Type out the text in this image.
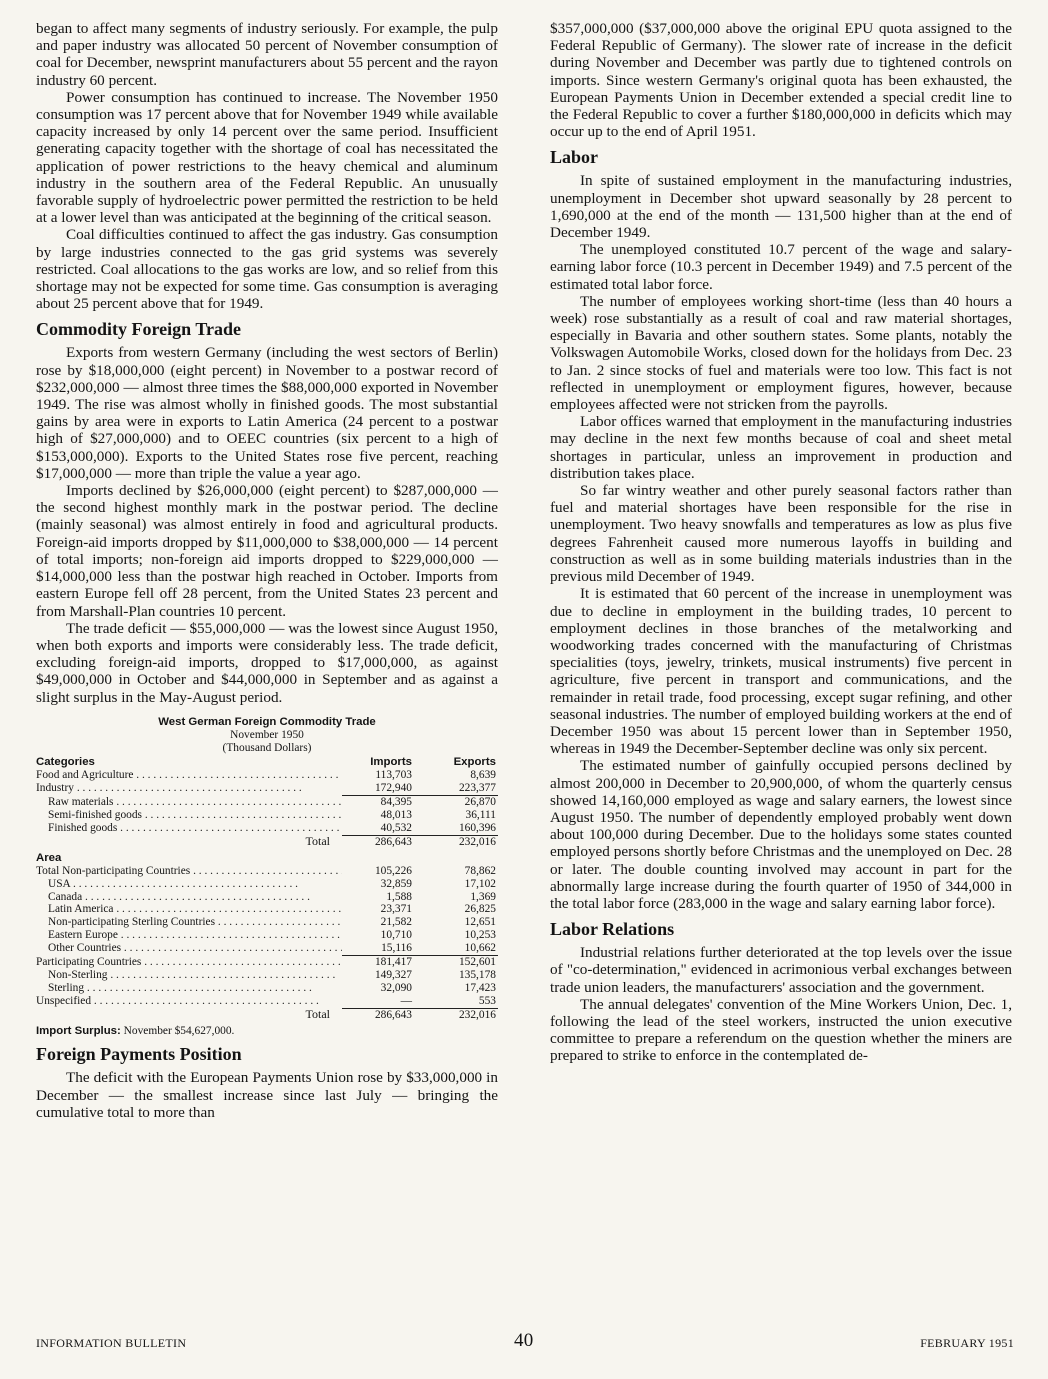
began to affect many segments of industry seriously. For example, the pulp and paper industry was allocated 50 percent of November consumption of coal for December, newsprint manufacturers about 55 percent and the rayon industry 60 percent.

Power consumption has continued to increase. The November 1950 consumption was 17 percent above that for November 1949 while available capacity increased by only 14 percent over the same period. Insufficient generating capacity together with the shortage of coal has necessitated the application of power restrictions to the heavy chemical and aluminum industry in the southern area of the Federal Republic. An unusually favorable supply of hydroelectric power permitted the restriction to be held at a lower level than was anticipated at the beginning of the critical season.

Coal difficulties continued to affect the gas industry. Gas consumption by large industries connected to the gas grid systems was severely restricted. Coal allocations to the gas works are low, and so relief from this shortage may not be expected for some time. Gas consumption is averaging about 25 percent above that for 1949.

Commodity Foreign Trade

Exports from western Germany (including the west sectors of Berlin) rose by $18,000,000 (eight percent) in November to a postwar record of $232,000,000 — almost three times the $88,000,000 exported in November 1949. The rise was almost wholly in finished goods. The most substantial gains by area were in exports to Latin America (24 percent to a postwar high of $27,000,000) and to OEEC countries (six percent to a high of $153,000,000). Exports to the United States rose five percent, reaching $17,000,000 — more than triple the value a year ago.

Imports declined by $26,000,000 (eight percent) to $287,000,000 — the second highest monthly mark in the postwar period. The decline (mainly seasonal) was almost entirely in food and agricultural products. Foreign-aid imports dropped by $11,000,000 to $38,000,000 — 14 percent of total imports; non-foreign aid imports dropped to $229,000,000 — $14,000,000 less than the postwar high reached in October. Imports from eastern Europe fell off 28 percent, from the United States 23 percent and from Marshall-Plan countries 10 percent.

The trade deficit — $55,000,000 — was the lowest since August 1950, when both exports and imports were considerably less. The trade deficit, excluding foreign-aid imports, dropped to $17,000,000, as against $49,000,000 in October and $44,000,000 in September and as against a slight surplus in the May-August period.

West German Foreign Commodity Trade
November 1950
(Thousand Dollars)
Categories	Imports	Exports
Food and Agriculture . . .	113,703	8,639
Industry . . .	172,940	223,377
Raw materials . . .	84,395	26,870
Semi-finished goods . . .	48,013	36,111
Finished goods . . .	40,532	160,396
Total	286,643	232,016
Area
Total Non-participating Countries . . .	105,226	78,862
USA . . .	32,859	17,102
Canada . . .	1,588	1,369
Latin America . . .	23,371	26,825
Non-participating Sterling Countries . . .	21,582	12,651
Eastern Europe . . .	10,710	10,253
Other Countries . . .	15,116	10,662
Participating Countries . . .	181,417	152,601
Non-Sterling . . .	149,327	135,178
Sterling . . .	32,090	17,423
Unspecified . . .	—	553
Total	286,643	232,016
Import Surplus: November $54,627,000.
Foreign Payments Position

The deficit with the European Payments Union rose by $33,000,000 in December — the smallest increase since last July — bringing the cumulative total to more than

$357,000,000 ($37,000,000 above the original EPU quota assigned to the Federal Republic of Germany). The slower rate of increase in the deficit during November and December was partly due to tightened controls on imports. Since western Germany's original quota has been exhausted, the European Payments Union in December extended a special credit line to the Federal Republic to cover a further $180,000,000 in deficits which may occur up to the end of April 1951.

Labor

In spite of sustained employment in the manufacturing industries, unemployment in December shot upward seasonally by 28 percent to 1,690,000 at the end of the month — 131,500 higher than at the end of December 1949.

The unemployed constituted 10.7 percent of the wage and salary-earning labor force (10.3 percent in December 1949) and 7.5 percent of the estimated total labor force.

The number of employees working short-time (less than 40 hours a week) rose substantially as a result of coal and raw material shortages, especially in Bavaria and other southern states. Some plants, notably the Volkswagen Automobile Works, closed down for the holidays from Dec. 23 to Jan. 2 since stocks of fuel and materials were too low. This fact is not reflected in unemployment or employment figures, however, because employees affected were not stricken from the payrolls.

Labor offices warned that employment in the manufacturing industries may decline in the next few months because of coal and sheet metal shortages in particular, unless an improvement in production and distribution takes place.

So far wintry weather and other purely seasonal factors rather than fuel and material shortages have been responsible for the rise in unemployment. Two heavy snowfalls and temperatures as low as plus five degrees Fahrenheit caused more numerous layoffs in building and construction as well as in some building materials industries than in the previous mild December of 1949.

It is estimated that 60 percent of the increase in unemployment was due to decline in employment in the building trades, 10 percent to employment declines in those branches of the metalworking and woodworking trades concerned with the manufacturing of Christmas specialities (toys, jewelry, trinkets, musical instruments) five percent in agriculture, five percent in transport and communications, and the remainder in retail trade, food processing, except sugar refining, and other seasonal industries. The number of employed building workers at the end of December 1950 was about 15 percent lower than in September 1950, whereas in 1949 the December-September decline was only six percent.

The estimated number of gainfully occupied persons declined by almost 200,000 in December to 20,900,000, of whom the quarterly census showed 14,160,000 employed as wage and salary earners, the lowest since August 1950. The number of dependently employed probably went down about 100,000 during December. Due to the holidays some states counted employed persons shortly before Christmas and the unemployed on Dec. 28 or later. The double counting involved may account in part for the abnormally large increase during the fourth quarter of 1950 of 344,000 in the total labor force (283,000 in the wage and salary earning labor force).

Labor Relations

Industrial relations further deteriorated at the top levels over the issue of "co-determination," evidenced in acrimonious verbal exchanges between trade union leaders, the manufacturers' association and the government.

The annual delegates' convention of the Mine Workers Union, Dec. 1, following the lead of the steel workers, instructed the union executive committee to prepare a referendum on the question whether the miners are prepared to strike to enforce in the contemplated de-

INFORMATION BULLETIN	40	FEBRUARY 1951
